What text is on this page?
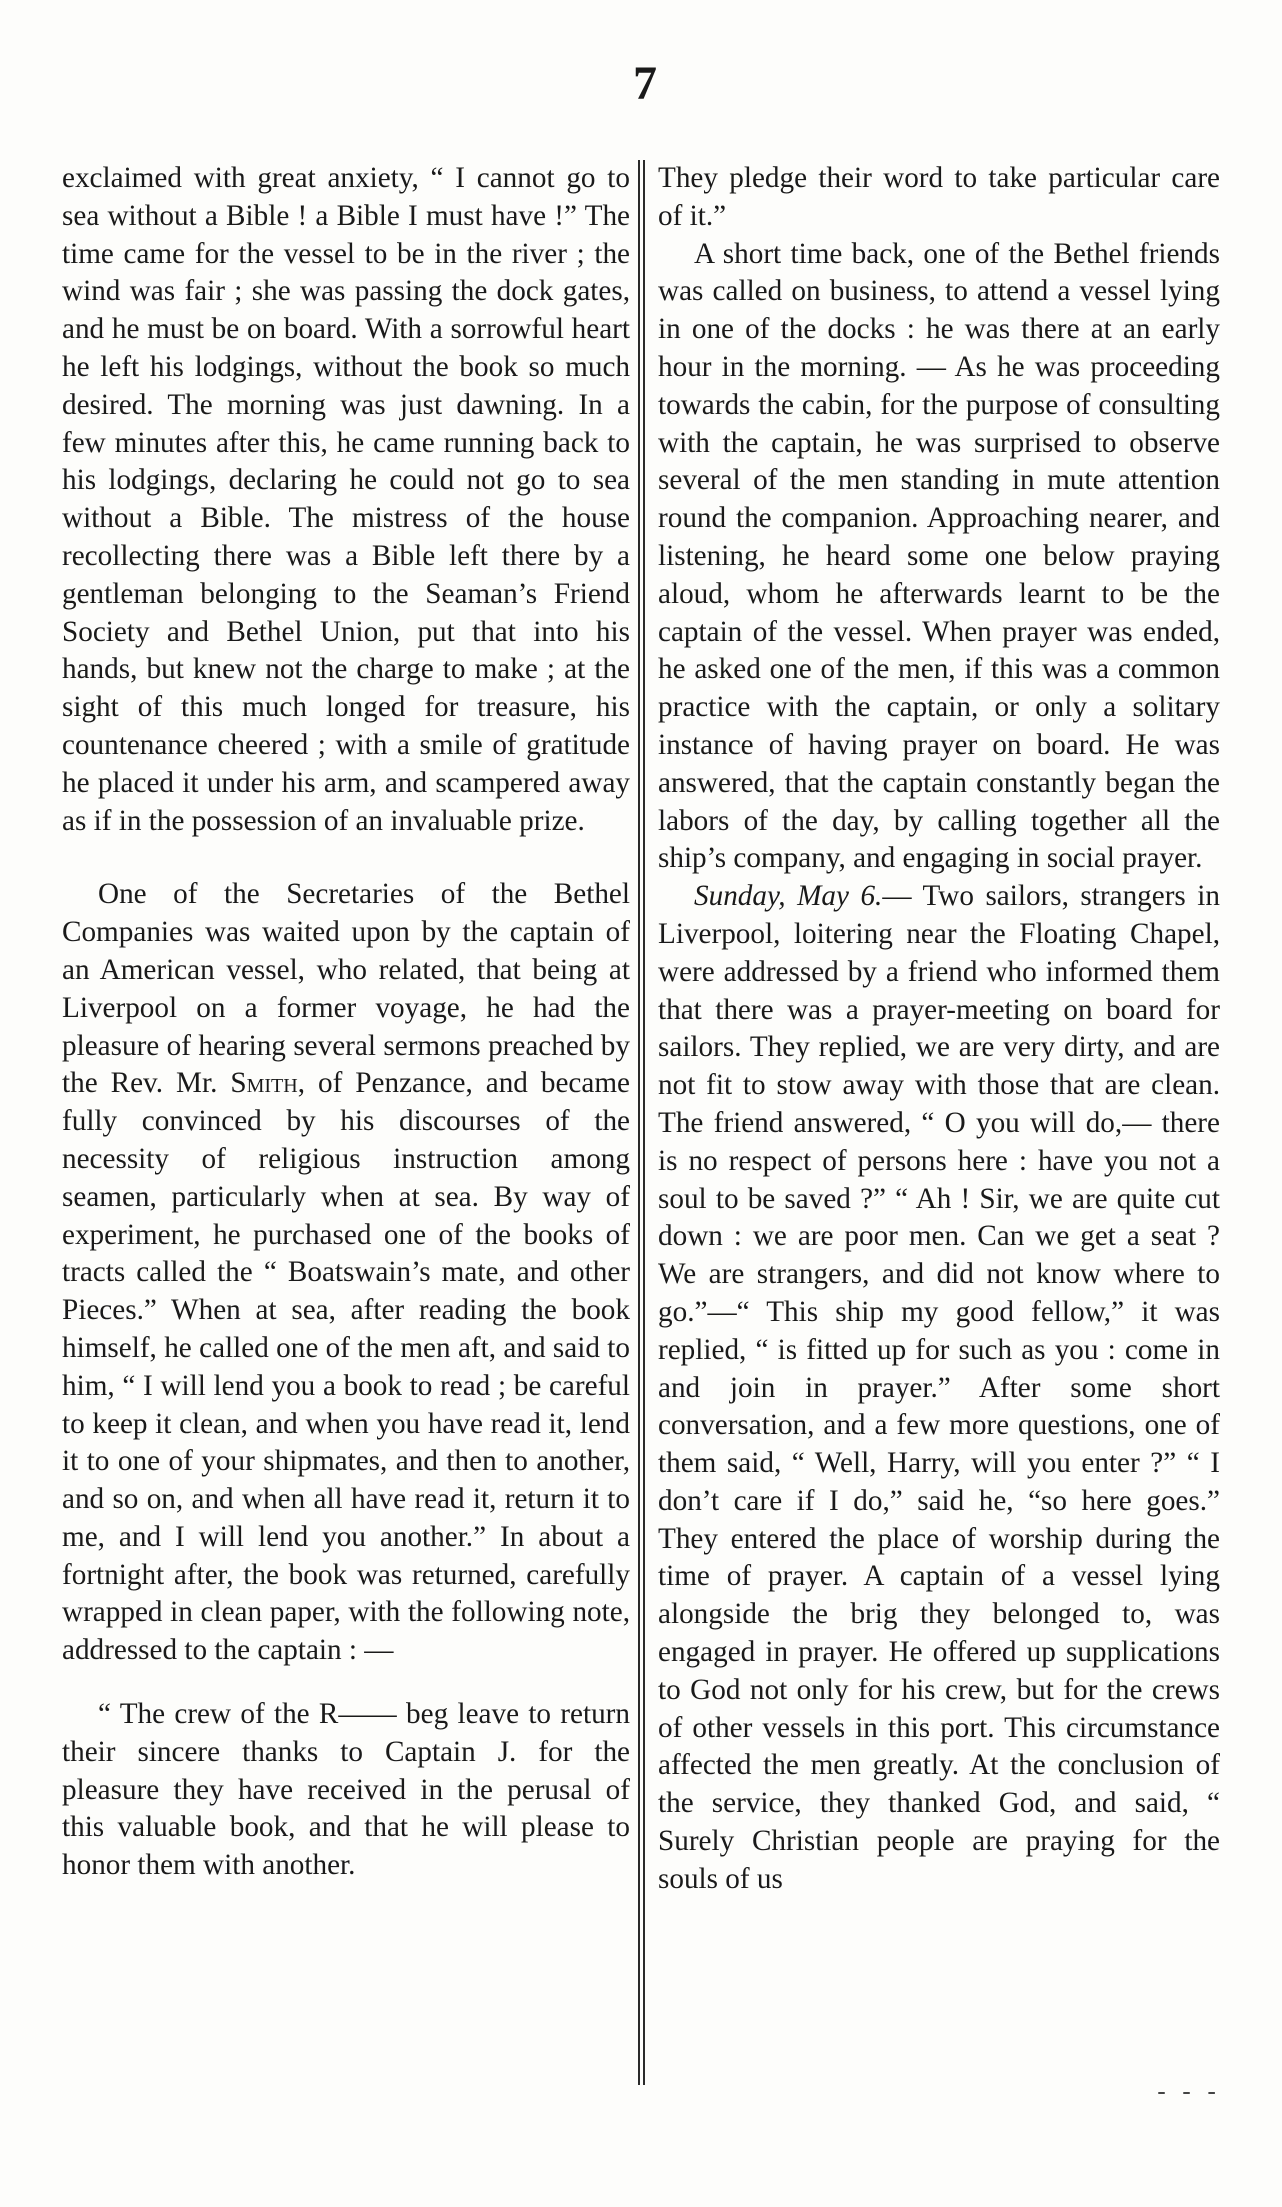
7

exclaimed with great anxiety, “ I cannot go to sea without a Bible ! a Bible I must have !” The time came for the vessel to be in the river ; the wind was fair ; she was passing the dock gates, and he must be on board. With a sorrowful heart he left his lodgings, without the book so much desired. The morning was just dawning. In a few minutes after this, he came running back to his lodgings, declaring he could not go to sea without a Bible. The mistress of the house recollecting there was a Bible left there by a gentleman belonging to the Seaman’s Friend Society and Bethel Union, put that into his hands, but knew not the charge to make ; at the sight of this much longed for treasure, his countenance cheered ; with a smile of gratitude he placed it under his arm, and scampered away as if in the possession of an invaluable prize.

One of the Secretaries of the Bethel Companies was waited upon by the captain of an American vessel, who related, that being at Liverpool on a former voyage, he had the pleasure of hearing several sermons preached by the Rev. Mr. Smith, of Penzance, and became fully convinced by his discourses of the necessity of religious instruction among seamen, particularly when at sea. By way of experiment, he purchased one of the books of tracts called the “ Boatswain’s mate, and other Pieces.” When at sea, after reading the book himself, he called one of the men aft, and said to him, “ I will lend you a book to read ; be careful to keep it clean, and when you have read it, lend it to one of your shipmates, and then to another, and so on, and when all have read it, return it to me, and I will lend you another.” In about a fortnight after, the book was returned, carefully wrapped in clean paper, with the following note, addressed to the captain : —

“ The crew of the R—— beg leave to return their sincere thanks to Captain J. for the pleasure they have received in the perusal of this valuable book, and that he will please to honor them with another.

They pledge their word to take particular care of it.”

A short time back, one of the Bethel friends was called on business, to attend a vessel lying in one of the docks : he was there at an early hour in the morning. — As he was proceeding towards the cabin, for the purpose of consulting with the captain, he was surprised to observe several of the men standing in mute attention round the companion. Approaching nearer, and listening, he heard some one below praying aloud, whom he afterwards learnt to be the captain of the vessel. When prayer was ended, he asked one of the men, if this was a common practice with the captain, or only a solitary instance of having prayer on board. He was answered, that the captain constantly began the labors of the day, by calling together all the ship’s company, and engaging in social prayer.

Sunday, May 6.— Two sailors, strangers in Liverpool, loitering near the Floating Chapel, were addressed by a friend who informed them that there was a prayer-meeting on board for sailors. They replied, we are very dirty, and are not fit to stow away with those that are clean. The friend answered, “ O you will do,— there is no respect of persons here : have you not a soul to be saved ?” “ Ah ! Sir, we are quite cut down : we are poor men. Can we get a seat ? We are strangers, and did not know where to go.”—“ This ship my good fellow,” it was replied, “ is fitted up for such as you : come in and join in prayer.” After some short conversation, and a few more questions, one of them said, “ Well, Harry, will you enter ?” “ I don’t care if I do,” said he, “so here goes.” They entered the place of worship during the time of prayer. A captain of a vessel lying alongside the brig they belonged to, was engaged in prayer. He offered up supplications to God not only for his crew, but for the crews of other vessels in this port. This circumstance affected the men greatly. At the conclusion of the service, they thanked God, and said, “ Surely Christian people are praying for the souls of us

- - -
